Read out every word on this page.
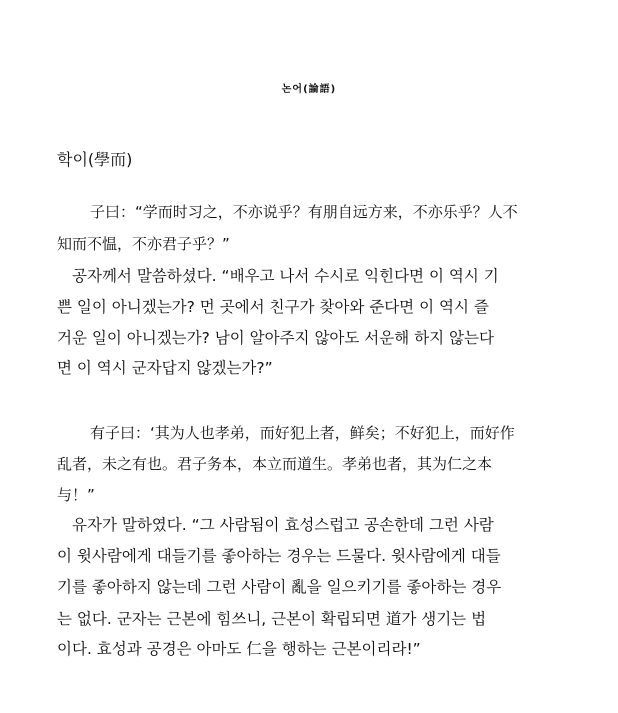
논어(論語)
학이(學而)
子曰：“学而时习之，不亦说乎？有朋自远方来，不亦乐乎？人不
知而不愠，不亦君子乎？”
공자께서 말씀하셨다. “배우고 나서 수시로 익힌다면 이 역시 기
쁜 일이 아니겠는가? 먼 곳에서 친구가 찾아와 준다면 이 역시 즐
거운 일이 아니겠는가? 남이 알아주지 않아도 서운해 하지 않는다
면 이 역시 군자답지 않겠는가?”
有子曰：‘其为人也孝弟，而好犯上者，鲜矣；不好犯上，而好作
乱者，未之有也。君子务本，本立而道生。孝弟也者，其为仁之本
与！”
유자가 말하였다. “그 사람됨이 효성스럽고 공손한데 그런 사람
이 윗사람에게 대들기를 좋아하는 경우는 드물다. 윗사람에게 대들
기를 좋아하지 않는데 그런 사람이 亂을 일으키기를 좋아하는 경우
는 없다. 군자는 근본에 힘쓰니, 근본이 확립되면 道가 생기는 법
이다. 효성과 공경은 아마도 仁을 행하는 근본이리라!”
